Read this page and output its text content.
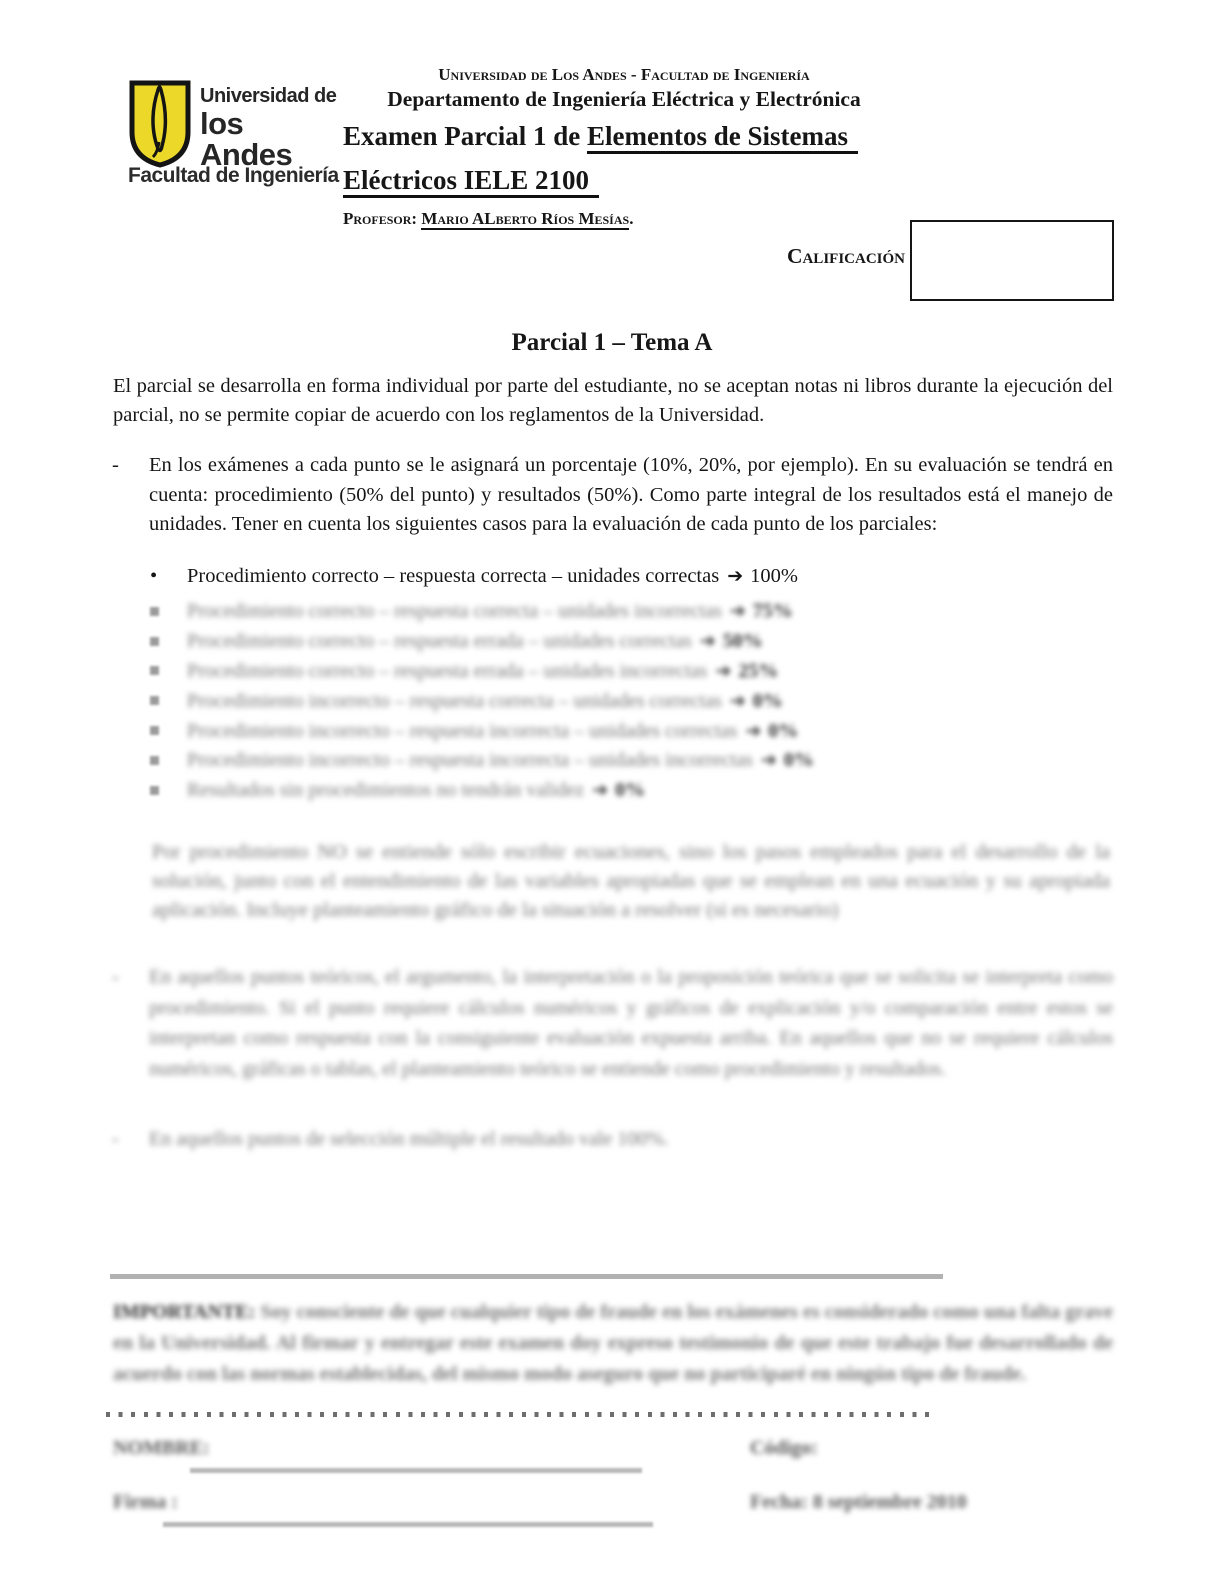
Universidad de
los Andes
Facultad de Ingeniería
Universidad de Los Andes - Facultad de Ingeniería
Departamento de Ingeniería Eléctrica y Electrónica
Examen Parcial 1 de Elementos de Sistemas
Eléctricos IELE 2100
Profesor: Mario ALberto Ríos Mesías.
Calificación
Parcial 1 – Tema A
El parcial se desarrolla en forma individual por parte del estudiante, no se aceptan notas ni libros durante la ejecución del parcial, no se permite copiar de acuerdo con los reglamentos de la Universidad.
-	En los exámenes a cada punto se le asignará un porcentaje (10%, 20%, por ejemplo). En su evaluación se tendrá en cuenta: procedimiento (50% del punto) y resultados (50%). Como parte integral de los resultados está el manejo de unidades. Tener en cuenta los siguientes casos para la evaluación de cada punto de los parciales:
•	Procedimiento correcto – respuesta correcta – unidades correctas ➔ 100%
Procedimiento correcto – respuesta correcta – unidades incorrectas ➔ 75%
Procedimiento correcto – respuesta errada – unidades correctas ➔ 50%
Procedimiento correcto – respuesta errada – unidades incorrectas ➔ 25%
Procedimiento incorrecto – respuesta correcta – unidades correctas ➔ 0%
Procedimiento incorrecto – respuesta incorrecta – unidades correctas ➔ 0%
Procedimiento incorrecto – respuesta incorrecta – unidades incorrectas ➔ 0%
Resultados sin procedimientos no tendrán validez ➔ 0%
Por procedimiento NO se entiende sólo escribir ecuaciones, sino los pasos empleados para el desarrollo de la solución, junto con el entendimiento de las variables apropiadas que se emplean en una ecuación y su apropiada aplicación. Incluye planteamiento gráfico de la situación a resolver (si es necesario)
-	En aquellos puntos teóricos, el argumento, la interpretación o la proposición teórica que se solicita se interpreta como procedimiento. Si el punto requiere cálculos numéricos y gráficos de explicación y/o comparación entre estos se interpretan como respuesta con la consiguiente evaluación expuesta arriba. En aquellos que no se requiere cálculos numéricos, gráficas o tablas, el planteamiento teórico se entiende como procedimiento y resultados.
-	En aquellos puntos de selección múltiple el resultado vale 100%.
IMPORTANTE: Soy consciente de que cualquier tipo de fraude en los exámenes es considerado como una falta grave en la Universidad. Al firmar y entregar este examen doy expreso testimonio de que este trabajo fue desarrollado de acuerdo con las normas establecidas, del mismo modo aseguro que no participaré en ningún tipo de fraude.
NOMBRE:	Código:
Firma :	Fecha: 8 septiembre 2010
